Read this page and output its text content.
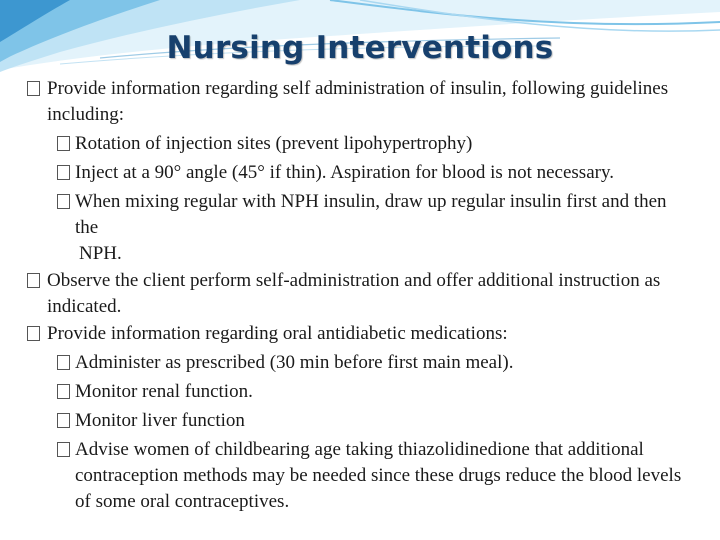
Nursing Interventions
Provide information regarding self administration of insulin, following guidelines including:
Rotation of injection sites (prevent lipohypertrophy)
Inject at a 90° angle (45° if thin). Aspiration for blood is not necessary.
When mixing regular with NPH insulin, draw up regular insulin first and then the
NPH.
Observe the client perform self-administration and offer additional instruction as indicated.
Provide information regarding oral antidiabetic medications:
Administer as prescribed (30 min before first main meal).
Monitor renal function.
Monitor liver function
Advise women of childbearing age taking thiazolidinedione that additional contraception methods may be needed since these drugs reduce the blood levels of some oral contraceptives.
